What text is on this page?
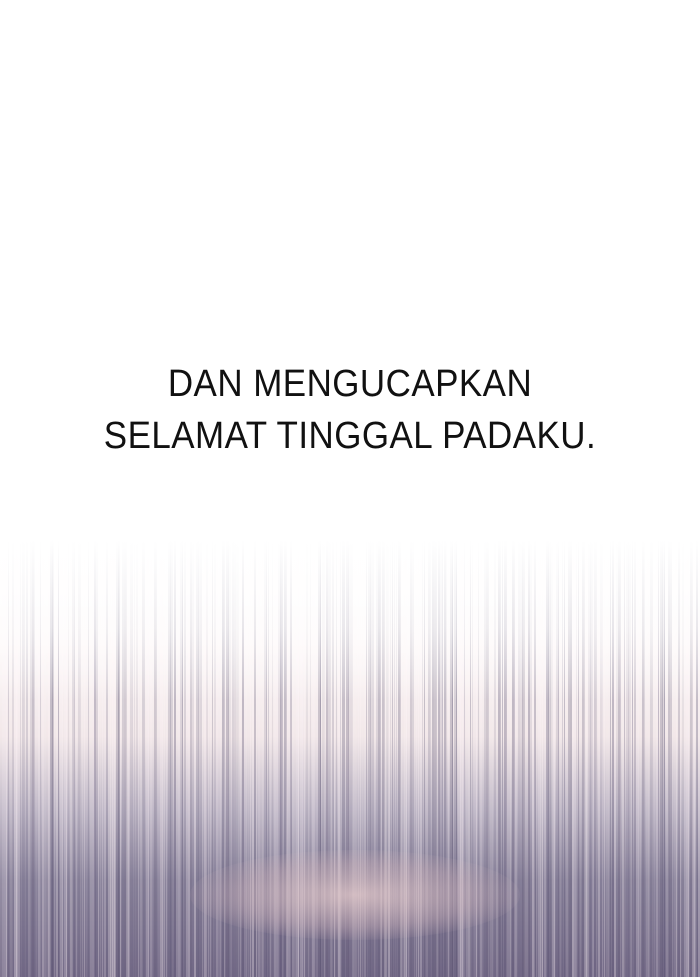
DAN MENGUCAPKAN
SELAMAT TINGGAL PADAKU.
